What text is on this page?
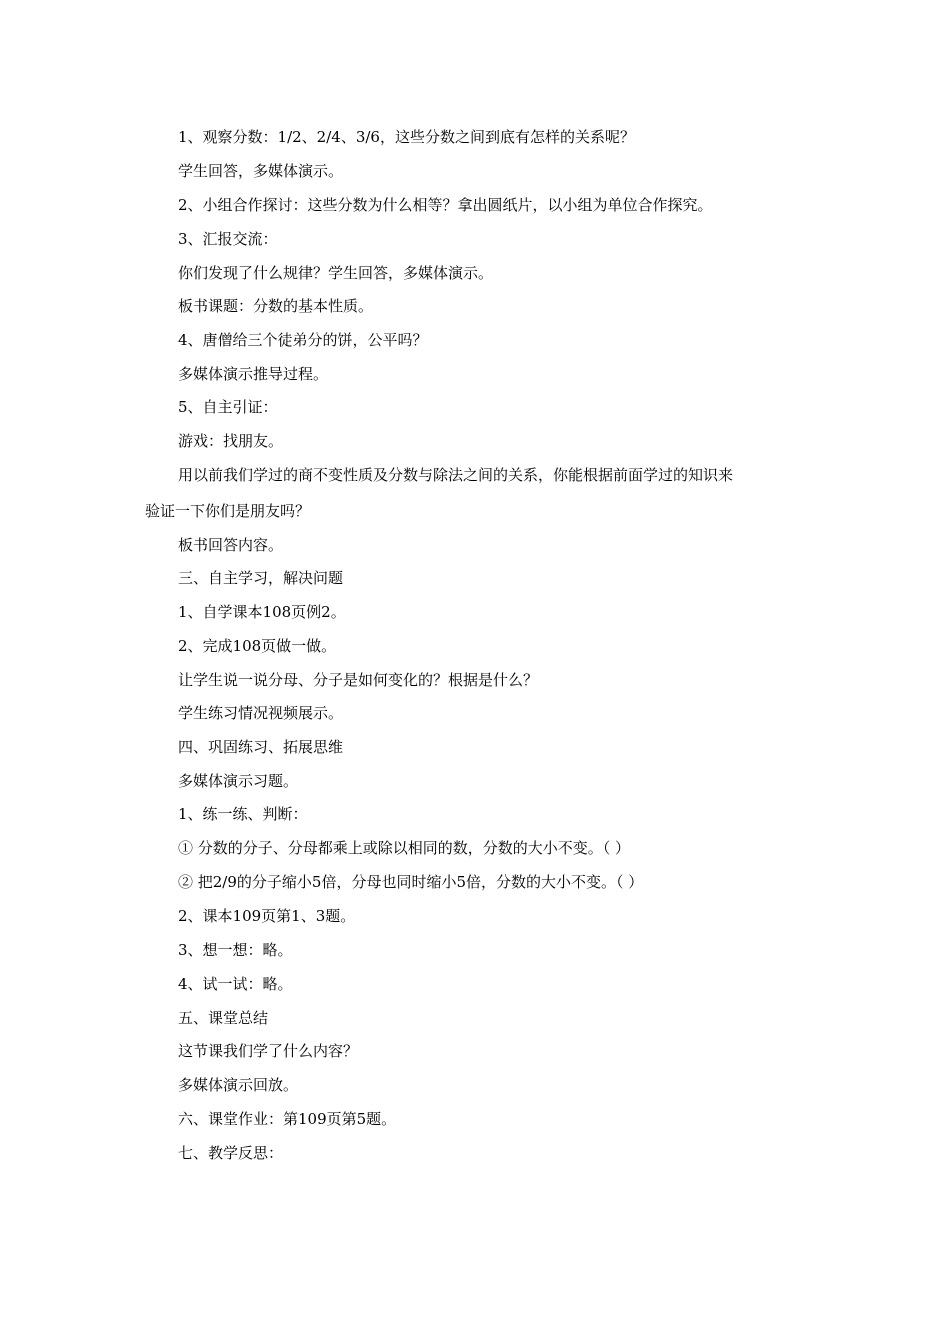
1、观察分数：1/2、2/4、3/6，这些分数之间到底有怎样的关系呢？
学生回答，多媒体演示。
2、小组合作探讨：这些分数为什么相等？拿出圆纸片，以小组为单位合作探究。
3、汇报交流：
你们发现了什么规律？学生回答，多媒体演示。
板书课题：分数的基本性质。
4、唐僧给三个徒弟分的饼，公平吗？
多媒体演示推导过程。
5、自主引证：
游戏：找朋友。
用以前我们学过的商不变性质及分数与除法之间的关系，你能根据前面学过的知识来
验证一下你们是朋友吗？
板书回答内容。
三、自主学习，解决问题
1、自学课本108页例2。
2、完成108页做一做。
让学生说一说分母、分子是如何变化的？根据是什么？
学生练习情况视频展示。
四、巩固练习、拓展思维
多媒体演示习题。
1、练一练、判断：
① 分数的分子、分母都乘上或除以相同的数，分数的大小不变。（ ）
② 把2/9的分子缩小5倍，分母也同时缩小5倍，分数的大小不变。（ ）
2、课本109页第1、3题。
3、想一想：略。
4、试一试：略。
五、课堂总结
这节课我们学了什么内容？
多媒体演示回放。
六、课堂作业：第109页第5题。
七、教学反思：
